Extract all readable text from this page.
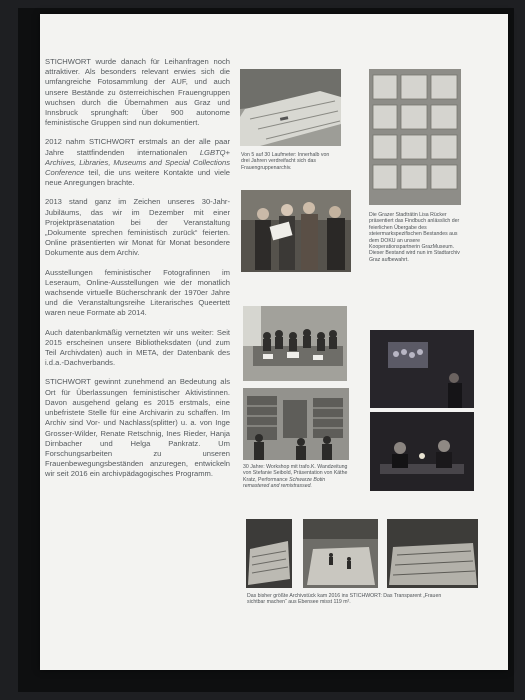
STICHWORT wurde danach für Leihanfragen noch attraktiver. Als besonders relevant erwies sich die umfangreiche Fotosammlung der AUF, und auch unsere Bestände zu österreichischen Frauengruppen wuchsen durch die Übernahmen aus Graz und Innsbruck sprunghaft: Über 900 autonome feministische Gruppen sind nun dokumentiert.

2012 nahm STICHWORT erstmals an der alle paar Jahre stattfindenden internationalen LGBTQ+ Archives, Libraries, Museums and Special Collections Conference teil, die uns weitere Kontakte und viele neue Anregungen brachte.

2013 stand ganz im Zeichen unseres 30-Jahr-Jubiläums, das wir im Dezember mit einer Projektpräsenatation bei der Veranstaltung „Dokumente sprechen feministisch zurück“ feierten. Online präsentierten wir Monat für Monat besondere Dokumente aus dem Archiv.

Ausstellungen feministischer Fotografinnen im Leseraum, Online-Ausstellungen wie der monatlich wachsende virtuelle Bücherschrank der 1970er Jahre und die Veranstaltungsreihe Literarisches Queertett waren neue Formate ab 2014.

Auch datenbankmäßig vernetzten wir uns weiter: Seit 2015 erscheinen unsere Bibliotheksdaten (und zum Teil Archivdaten) auch in META, der Datenbank des i.d.a.-Dachverbands.

STICHWORT gewinnt zunehmend an Bedeutung als Ort für Überlassungen feministischer Aktivistinnen. Davon ausgehend gelang es 2015 erstmals, eine unbefristete Stelle für eine Archivarin zu schaffen. Im Archiv sind Vor- und Nachlass(splitter) u. a. von Inge Grosser-Wilder, Renate Retschnig, Ines Rieder, Hanja Dirnbacher und Helga Pankratz. Um Forschungsarbeiten zu unseren Frauenbewegungsbeständen anzuregen, entwickeln wir seit 2016 ein archivpädagogisches Programm.

Von 5 auf 30 Laufmeter: Innerhalb von drei Jahren verdreifacht sich das Frauengruppenarchiv.
Die Grazer Stadträtin Lisa Rücker präsentiert das Findbuch anlässlich der feierlichen Übergabe des steiermarkspezifischen Bestandes aus dem DOKU an unsere Kooperationspartnerin GrazMuseum. Dieser Bestand wird nun im Stadtarchiv Graz aufbewahrt.
30 Jahre: Workshop mit trafo.K. Wandzeitung von Stefanie Seibold, Präsentation von Käthe Kratz, Performance Schwarze Botin remastered and remixtrassed.
Das bisher größte Archivstück kam 2016 ins STICHWORT: Das Transparent „Frauen sichtbar machen“ aus Ebensee misst 119 m².
